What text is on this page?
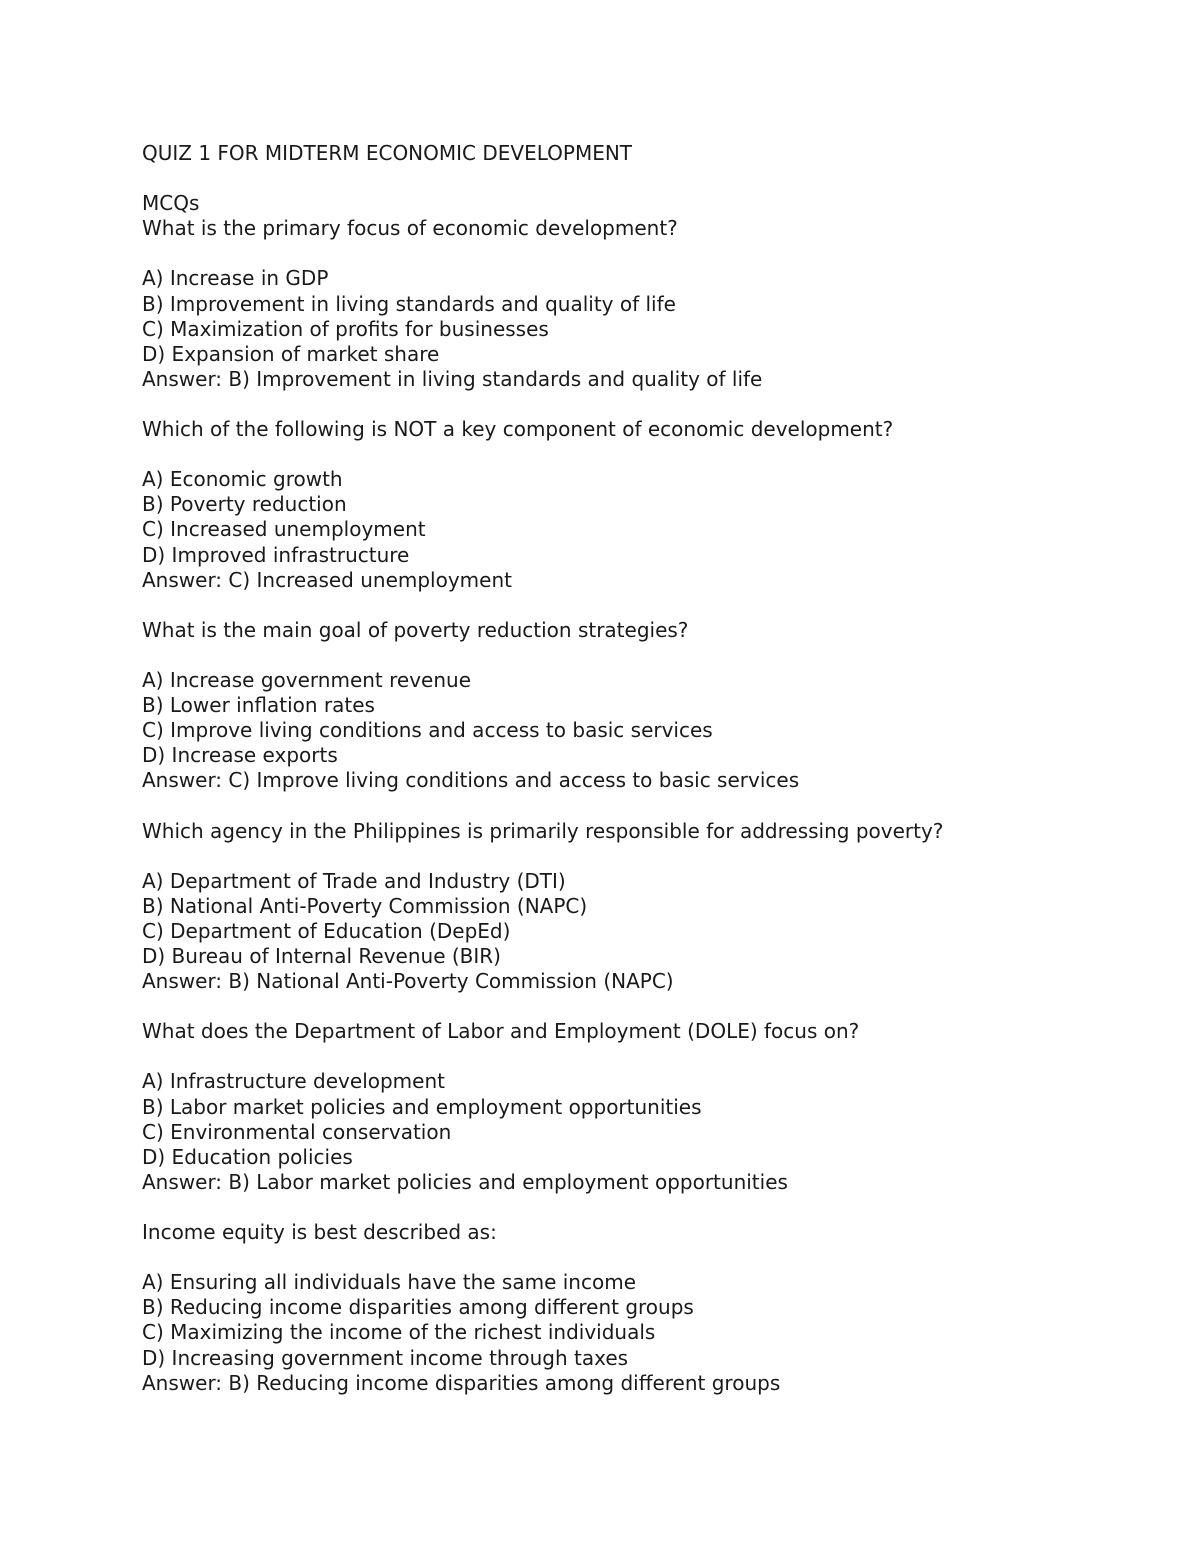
QUIZ 1 FOR MIDTERM ECONOMIC DEVELOPMENT
MCQs
What is the primary focus of economic development?
A) Increase in GDP
B) Improvement in living standards and quality of life
C) Maximization of profits for businesses
D) Expansion of market share
Answer: B) Improvement in living standards and quality of life
Which of the following is NOT a key component of economic development?
A) Economic growth
B) Poverty reduction
C) Increased unemployment
D) Improved infrastructure
Answer: C) Increased unemployment
What is the main goal of poverty reduction strategies?
A) Increase government revenue
B) Lower inflation rates
C) Improve living conditions and access to basic services
D) Increase exports
Answer: C) Improve living conditions and access to basic services
Which agency in the Philippines is primarily responsible for addressing poverty?
A) Department of Trade and Industry (DTI)
B) National Anti-Poverty Commission (NAPC)
C) Department of Education (DepEd)
D) Bureau of Internal Revenue (BIR)
Answer: B) National Anti-Poverty Commission (NAPC)
What does the Department of Labor and Employment (DOLE) focus on?
A) Infrastructure development
B) Labor market policies and employment opportunities
C) Environmental conservation
D) Education policies
Answer: B) Labor market policies and employment opportunities
Income equity is best described as:
A) Ensuring all individuals have the same income
B) Reducing income disparities among different groups
C) Maximizing the income of the richest individuals
D) Increasing government income through taxes
Answer: B) Reducing income disparities among different groups
